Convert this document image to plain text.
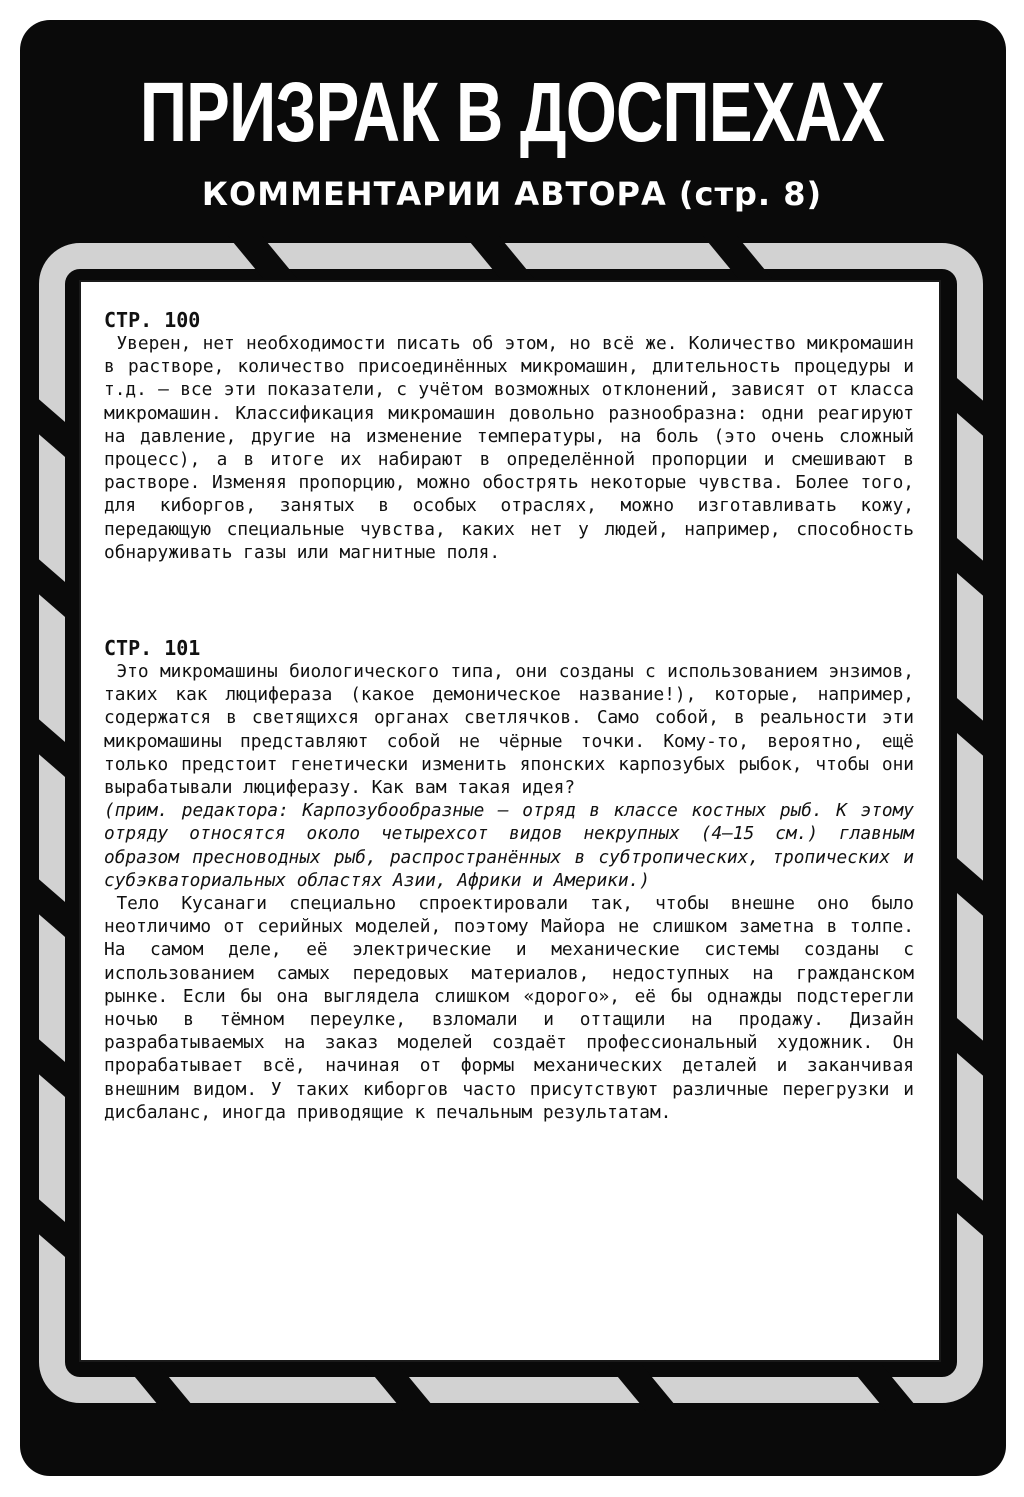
ПРИЗРАК В ДОСПЕХАХ
КОММЕНТАРИИ АВТОРА (стр. 8)
СТР. 100

Уверен, нет необходимости писать об этом, но всё же. Количество микромашин в растворе, количество присоединённых микромашин, длительность процедуры и т.д. – все эти показатели, с учётом возможных отклонений, зависят от класса микромашин. Классификация микромашин довольно разнообразна: одни реагируют на давление, другие на изменение температуры, на боль (это очень сложный процесс), а в итоге их набирают в определённой пропорции и смешивают в растворе. Изменяя пропорцию, можно обострять некоторые чувства. Более того, для киборгов, занятых в особых отраслях, можно изготавливать кожу, передающую специальные чувства, каких нет у людей, например, способность обнаруживать газы или магнитные поля.

СТР. 101

Это микромашины биологического типа, они созданы с использованием энзимов, таких как люцифераза (какое демоническое название!), которые, например, содержатся в светящихся органах светлячков. Само собой, в реальности эти микромашины представляют собой не чёрные точки. Кому-то, вероятно, ещё только предстоит генетически изменить японских карпозубых рыбок, чтобы они вырабатывали люциферазу. Как вам такая идея?

(прим. редактора: Карпозубообразные – отряд в классе костных рыб. К этому отряду относятся около четырехсот видов некрупных (4–15 см.) главным образом пресноводных рыб, распространённых в субтропических, тропических и субэкваториальных областях Азии, Африки и Америки.)

Тело Кусанаги специально спроектировали так, чтобы внешне оно было неотличимо от серийных моделей, поэтому Майора не слишком заметна в толпе. На самом деле, её электрические и механические системы созданы с использованием самых передовых материалов, недоступных на гражданском рынке. Если бы она выглядела слишком «дорого», её бы однажды подстерегли ночью в тёмном переулке, взломали и оттащили на продажу. Дизайн разрабатываемых на заказ моделей создаёт профессиональный художник. Он прорабатывает всё, начиная от формы механических деталей и заканчивая внешним видом. У таких киборгов часто присутствуют различные перегрузки и дисбаланс, иногда приводящие к печальным результатам.
